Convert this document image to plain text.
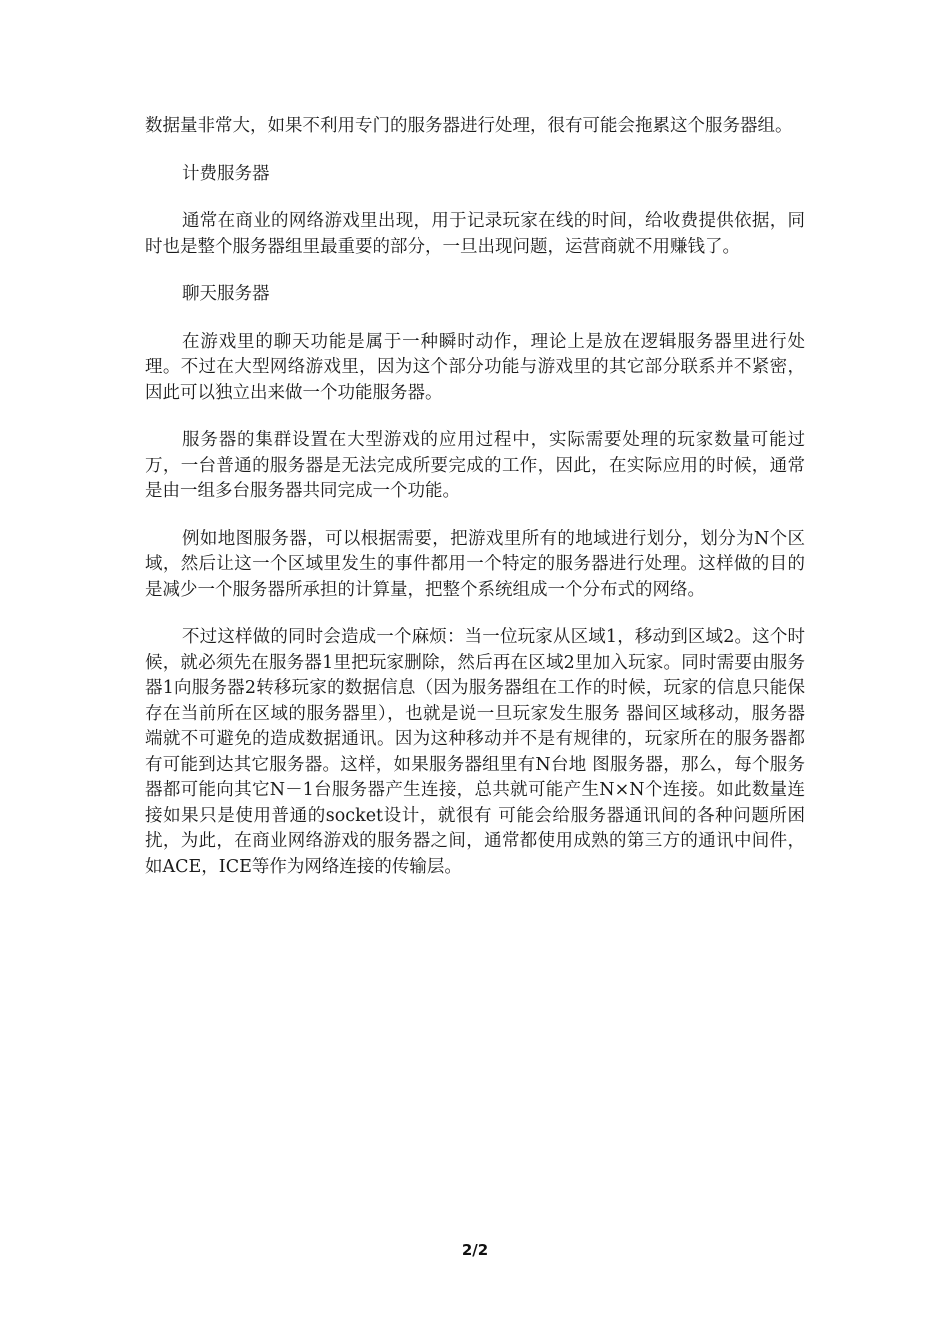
数据量非常大，如果不利用专门的服务器进行处理，很有可能会拖累这个服务器组。

计费服务器

通常在商业的网络游戏里出现，用于记录玩家在线的时间，给收费提供依据，同时也是整个服务器组里最重要的部分，一旦出现问题，运营商就不用赚钱了。

聊天服务器

在游戏里的聊天功能是属于一种瞬时动作，理论上是放在逻辑服务器里进行处理。不过在大型网络游戏里，因为这个部分功能与游戏里的其它部分联系并不紧密，因此可以独立出来做一个功能服务器。

服务器的集群设置在大型游戏的应用过程中，实际需要处理的玩家数量可能过万，一台普通的服务器是无法完成所要完成的工作，因此，在实际应用的时候，通常是由一组多台服务器共同完成一个功能。

例如地图服务器，可以根据需要，把游戏里所有的地域进行划分，划分为N个区域，然后让这一个区域里发生的事件都用一个特定的服务器进行处理。这样做的目的是减少一个服务器所承担的计算量，把整个系统组成一个分布式的网络。

不过这样做的同时会造成一个麻烦：当一位玩家从区域1，移动到区域2。这个时候，就必须先在服务器1里把玩家删除，然后再在区域2里加入玩家。同时需要由服务器1向服务器2转移玩家的数据信息（因为服务器组在工作的时候，玩家的信息只能保存在当前所在区域的服务器里），也就是说一旦玩家发生服务 器间区域移动，服务器端就不可避免的造成数据通讯。因为这种移动并不是有规律的，玩家所在的服务器都有可能到达其它服务器。这样，如果服务器组里有N台地 图服务器，那么，每个服务器都可能向其它N－1台服务器产生连接，总共就可能产生N×N个连接。如此数量连接如果只是使用普通的socket设计，就很有 可能会给服务器通讯间的各种问题所困扰，为此，在商业网络游戏的服务器之间，通常都使用成熟的第三方的通讯中间件，如ACE，ICE等作为网络连接的传输层。

2/2
